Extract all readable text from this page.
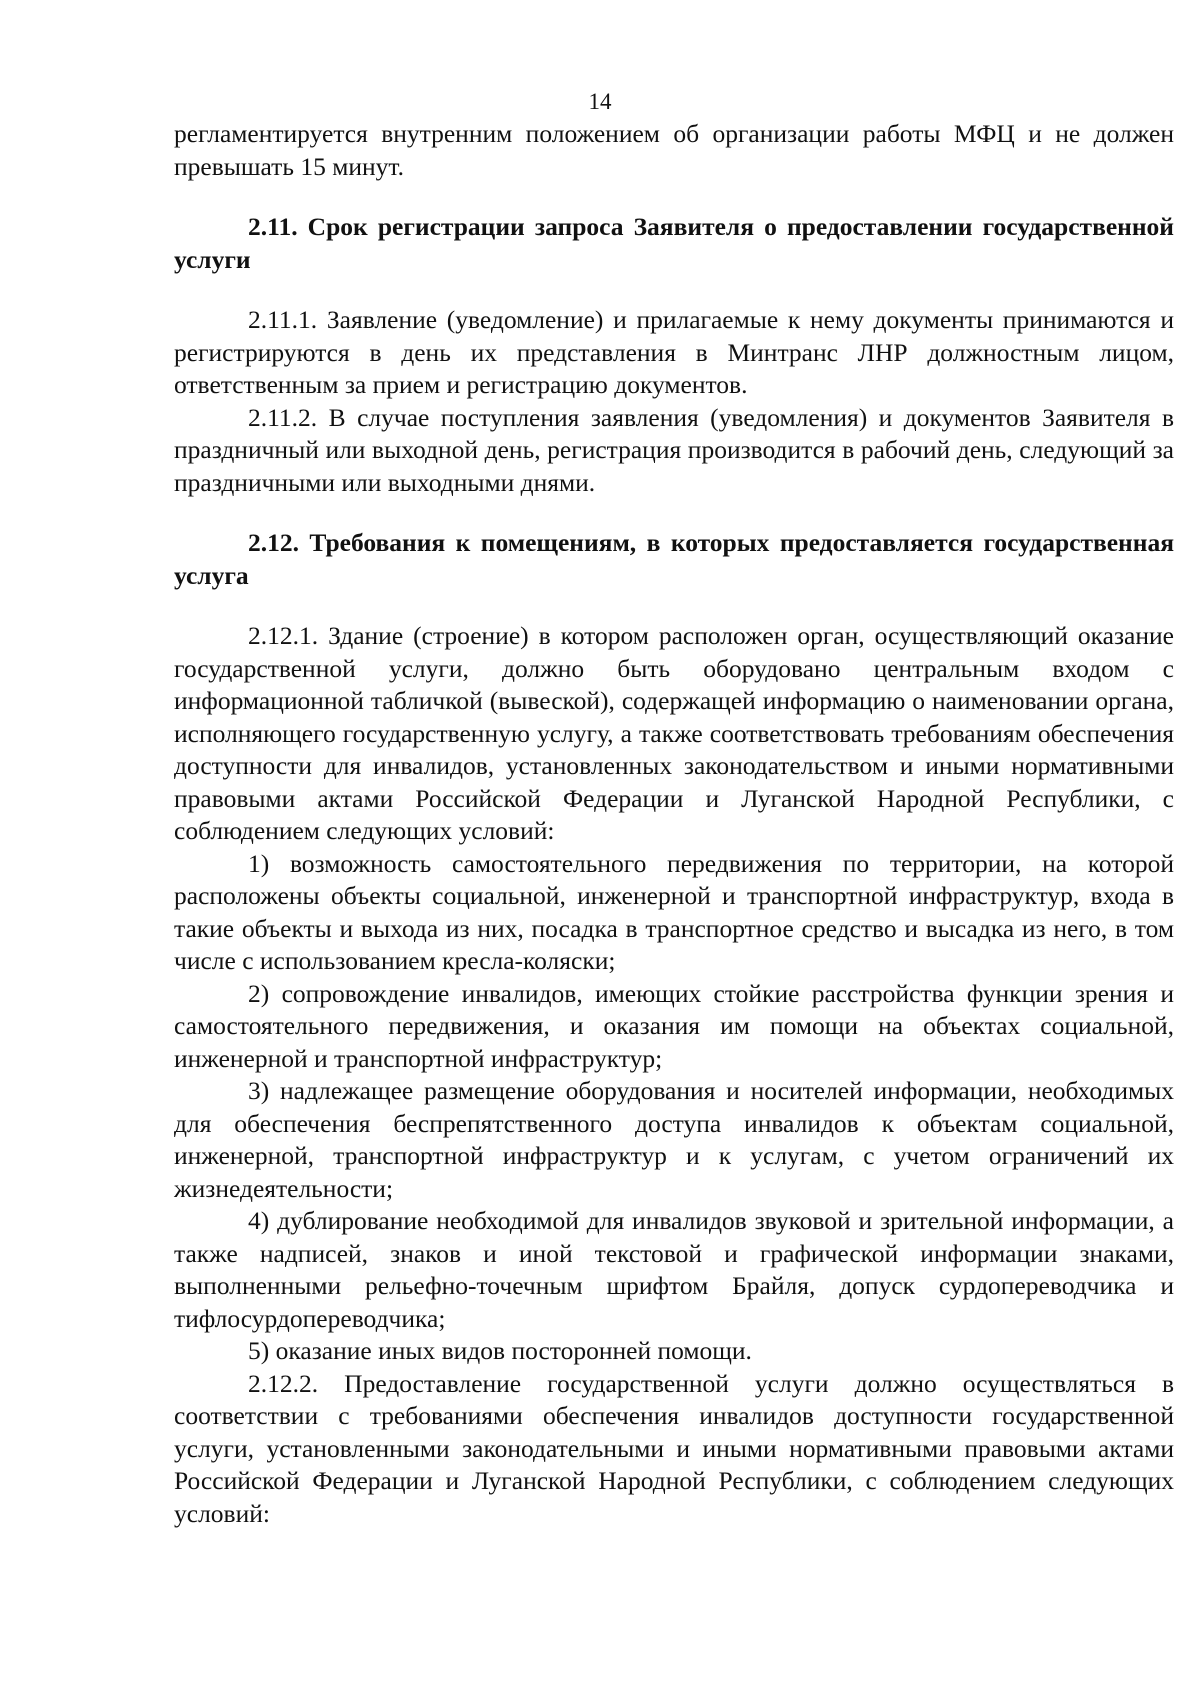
14

регламентируется внутренним положением об организации работы МФЦ и не должен превышать 15 минут.

2.11. Срок регистрации запроса Заявителя о предоставлении государственной услуги

2.11.1. Заявление (уведомление) и прилагаемые к нему документы принимаются и регистрируются в день их представления в Минтранс ЛНР должностным лицом, ответственным за прием и регистрацию документов.

2.11.2. В случае поступления заявления (уведомления) и документов Заявителя в праздничный или выходной день, регистрация производится в рабочий день, следующий за праздничными или выходными днями.

2.12. Требования к помещениям, в которых предоставляется государственная услуга

2.12.1. Здание (строение) в котором расположен орган, осуществляющий оказание государственной услуги, должно быть оборудовано центральным входом с информационной табличкой (вывеской), содержащей информацию о наименовании органа, исполняющего государственную услугу, а также соответствовать требованиям обеспечения доступности для инвалидов, установленных законодательством и иными нормативными правовыми актами Российской Федерации и Луганской Народной Республики, с соблюдением следующих условий:

1) возможность самостоятельного передвижения по территории, на которой расположены объекты социальной, инженерной и транспортной инфраструктур, входа в такие объекты и выхода из них, посадка в транспортное средство и высадка из него, в том числе с использованием кресла-коляски;

2) сопровождение инвалидов, имеющих стойкие расстройства функции зрения и самостоятельного передвижения, и оказания им помощи на объектах социальной, инженерной и транспортной инфраструктур;

3) надлежащее размещение оборудования и носителей информации, необходимых для обеспечения беспрепятственного доступа инвалидов к объектам социальной, инженерной, транспортной инфраструктур и к услугам, с учетом ограничений их жизнедеятельности;

4) дублирование необходимой для инвалидов звуковой и зрительной информации, а также надписей, знаков и иной текстовой и графической информации знаками, выполненными рельефно-точечным шрифтом Брайля, допуск сурдопереводчика и тифлосурдопереводчика;

5) оказание иных видов посторонней помощи.

2.12.2. Предоставление государственной услуги должно осуществляться в соответствии с требованиями обеспечения инвалидов доступности государственной услуги, установленными законодательными и иными нормативными правовыми актами Российской Федерации и Луганской Народной Республики, с соблюдением следующих условий:
